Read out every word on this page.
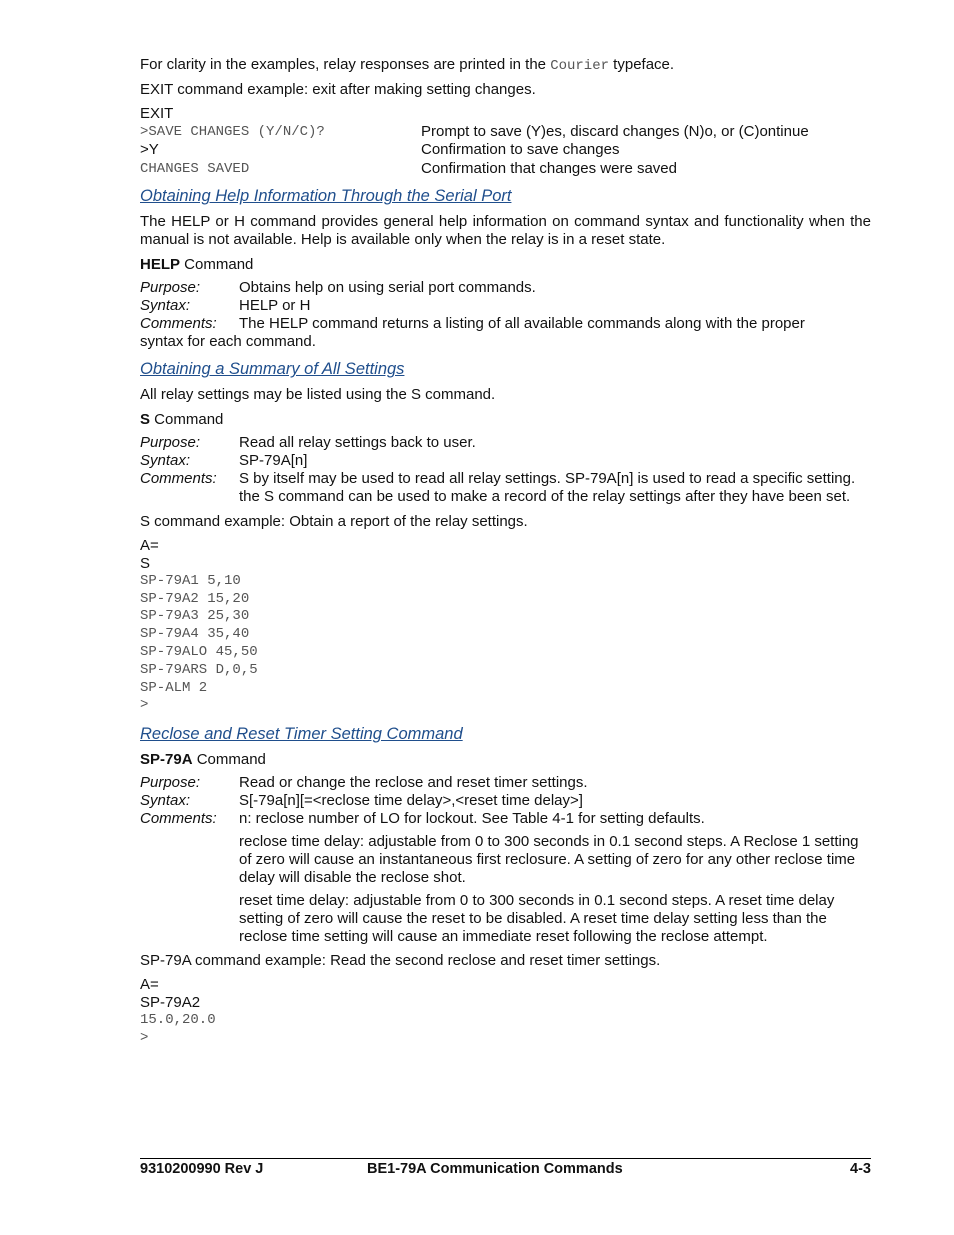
For clarity in the examples, relay responses are printed in the Courier typeface.

EXIT command example: exit after making setting changes.

EXIT

>SAVE CHANGES (Y/N/C)?	Prompt to save (Y)es, discard changes (N)o, or (C)ontinue
>Y	Confirmation to save changes
CHANGES SAVED	Confirmation that changes were saved

Obtaining Help Information Through the Serial Port

The HELP or H command provides general help information on command syntax and functionality when the manual is not available. Help is available only when the relay is in a reset state.

HELP Command

Purpose:	Obtains help on using serial port commands.
Syntax:	HELP or H
Comments:	The HELP command returns a listing of all available commands along with the proper

syntax for each command.

Obtaining a Summary of All Settings

All relay settings may be listed using the S command.

S Command

Purpose:	Read all relay settings back to user.
Syntax:	SP-79A[n]
Comments:	S by itself may be used to read all relay settings. SP-79A[n] is used to read a specific setting. the S command can be used to make a record of the relay settings after they have been set.

S command example: Obtain a report of the relay settings.

A=

S

SP-79A1 5,10

SP-79A2 15,20

SP-79A3 25,30

SP-79A4 35,40

SP-79ALO 45,50

SP-79ARS D,0,5

SP-ALM 2

>

Reclose and Reset Timer Setting Command

SP-79A Command

Purpose:	Read or change the reclose and reset timer settings.
Syntax:	S[-79a[n][=<reclose time delay>,<reset time delay>]
Comments:	n: reclose number of LO for lockout. See Table 4-1 for setting defaults.

reclose time delay: adjustable from 0 to 300 seconds in 0.1 second steps. A Reclose 1 setting of zero will cause an instantaneous first reclosure. A setting of zero for any other reclose time delay will disable the reclose shot.

reset time delay: adjustable from 0 to 300 seconds in 0.1 second steps. A reset time delay setting of zero will cause the reset to be disabled. A reset time delay setting less than the reclose time setting will cause an immediate reset following the reclose attempt.

SP-79A command example: Read the second reclose and reset timer settings.

A=

SP-79A2

15.0,20.0

>

9310200990 Rev J	BE1-79A Communication Commands	4-3
